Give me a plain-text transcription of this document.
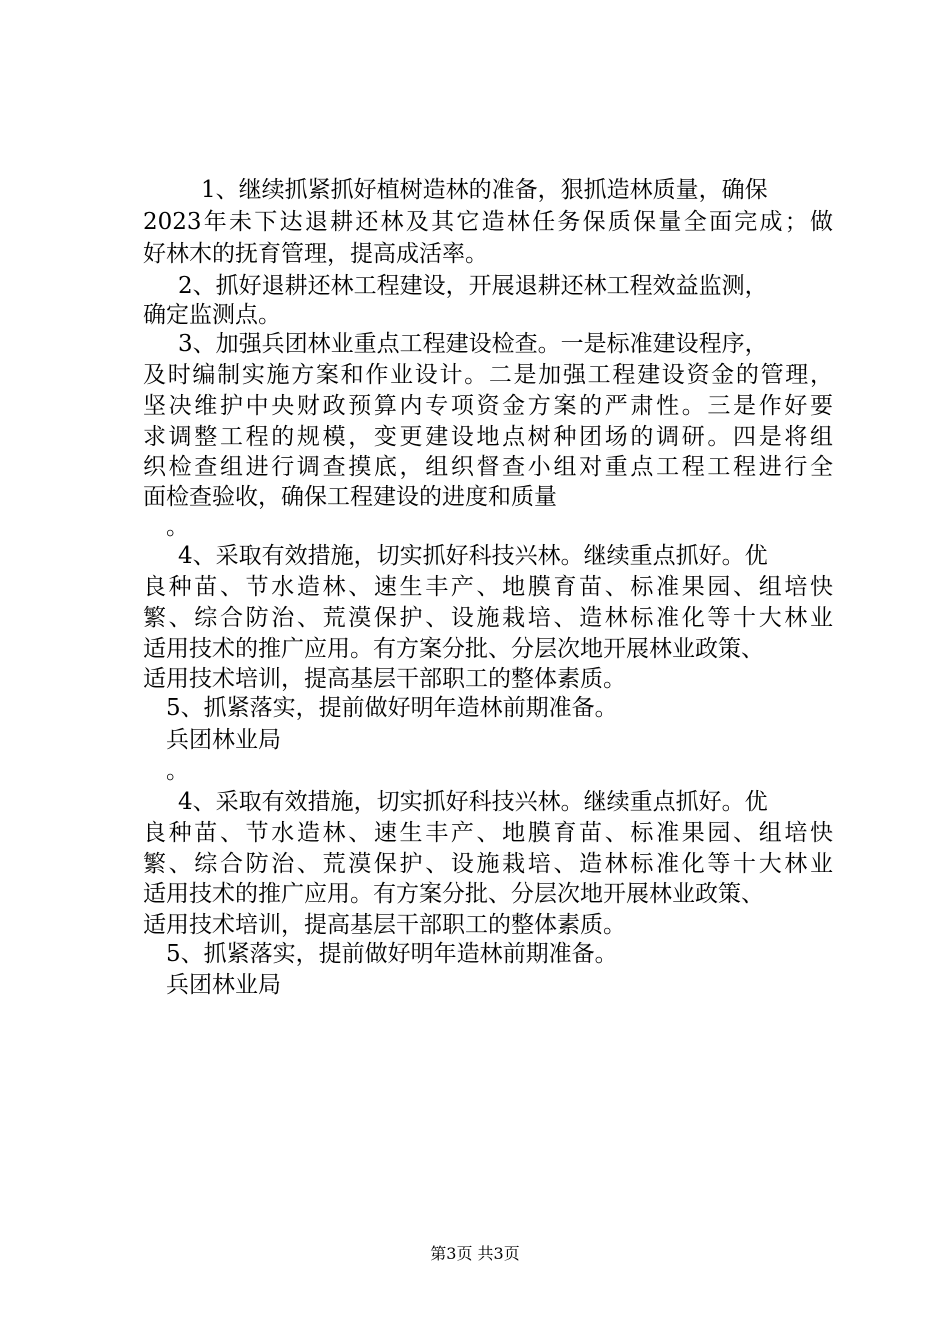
　1、继续抓紧抓好植树造林的准备，狠抓造林质量，确保
2023年未下达退耕还林及其它造林任务保质保量全面完成；做
好林木的抚育管理，提高成活率。
　2、抓好退耕还林工程建设，开展退耕还林工程效益监测，
确定监测点。
　3、加强兵团林业重点工程建设检查。一是标准建设程序，
及时编制实施方案和作业设计。二是加强工程建设资金的管理，
坚决维护中央财政预算内专项资金方案的严肃性。三是作好要
求调整工程的规模，变更建设地点树种团场的调研。四是将组
织检查组进行调查摸底，组织督查小组对重点工程工程进行全
面检查验收，确保工程建设的进度和质量
　。
　4、采取有效措施，切实抓好科技兴林。继续重点抓好。优
良种苗、节水造林、速生丰产、地膜育苗、标准果园、组培快
繁、综合防治、荒漠保护、设施栽培、造林标准化等十大林业
适用技术的推广应用。有方案分批、分层次地开展林业政策、
适用技术培训，提高基层干部职工的整体素质。
　5、抓紧落实，提前做好明年造林前期准备。
　兵团林业局
　。
　4、采取有效措施，切实抓好科技兴林。继续重点抓好。优
良种苗、节水造林、速生丰产、地膜育苗、标准果园、组培快
繁、综合防治、荒漠保护、设施栽培、造林标准化等十大林业
适用技术的推广应用。有方案分批、分层次地开展林业政策、
适用技术培训，提高基层干部职工的整体素质。
　5、抓紧落实，提前做好明年造林前期准备。
　兵团林业局
第3页 共3页
